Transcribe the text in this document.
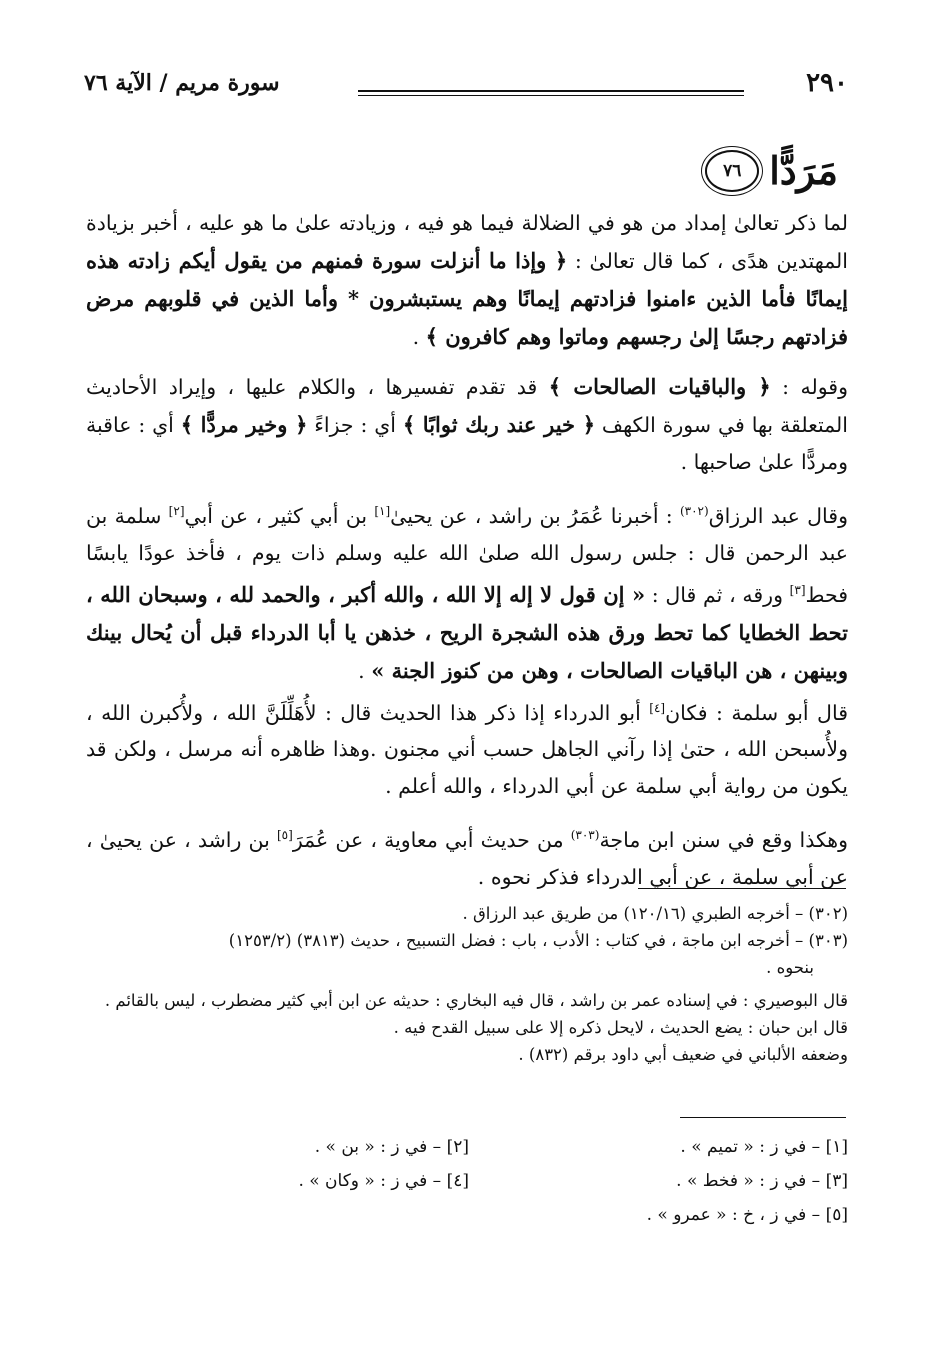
٢٩٠
سورة مريم / الآية ٧٦
مَرَدًّا
٧٦

لما ذكر تعالىٰ إمداد من هو في الضلالة فيما هو فيه ، وزيادته علىٰ ما هو عليه ، أخبر بزيادة المهتدين هدًى ، كما قال تعالىٰ : ﴿ وإذا ما أنزلت سورة فمنهم من يقول أيكم زادته هذه إيمانًا فأما الذين ءامنوا فزادتهم إيمانًا وهم يستبشرون * وأما الذين في قلوبهم مرض فزادتهم رجسًا إلىٰ رجسهم وماتوا وهم كافرون ﴾ .

وقوله : ﴿ والباقيات الصالحات ﴾ قد تقدم تفسيرها ، والكلام عليها ، وإيراد الأحاديث المتعلقة بها في سورة الكهف ﴿ خير عند ربك ثوابًا ﴾ أي : جزاءً ﴿ وخير مردًّا ﴾ أي : عاقبة ومردًّا علىٰ صاحبها .

وقال عبد الرزاق$^{(٣٠٢)}$ : أخبرنا عُمَرُ بن راشد ، عن يحيىٰ[١] بن أبي كثير ، عن أبي[٢] سلمة بن عبد الرحمن قال : جلس رسول الله صلىٰ الله عليه وسلم ذات يوم ، فأخذ عودًا يابسًا فحط[٣] ورقه ، ثم قال : « إن قول لا إله إلا الله ، والله أكبر ، والحمد لله ، وسبحان الله ، تحط الخطايا كما تحط ورق هذه الشجرة الريح ، خذهن يا أبا الدرداء قبل أن يُحال بينك وبينهن ، هن الباقيات الصالحات ، وهن من كنوز الجنة » .
قال أبو سلمة : فكان[٤] أبو الدرداء إذا ذكر هذا الحديث قال : لأُهَلِّلَنَّ الله ، ولأُكبرن الله ، ولأُسبحن الله ، حتىٰ إذا رآني الجاهل حسب أني مجنون .وهذا ظاهره أنه مرسل ، ولكن قد يكون من رواية أبي سلمة عن أبي الدرداء ، والله أعلم .

وهكذا وقع في سنن ابن ماجة$^{(٣٠٣)}$ من حديث أبي معاوية ، عن عُمَرَ[٥] بن راشد ، عن يحيىٰ ، عن أبي سلمة ، عن أبي الدرداء فذكر نحوه .

(٣٠٢) – أخرجه الطبري (١٢٠/١٦) من طريق عبد الرزاق .

(٣٠٣) – أخرجه ابن ماجة ، في كتاب : الأدب ، باب : فضل التسبيح ، حديث (٣٨١٣) (١٢٥٣/٢)

بنحوه .

قال البوصيري : في إسناده عمر بن راشد ، قال فيه البخاري : حديثه عن ابن أبي كثير مضطرب ، ليس بالقائم . قال ابن حبان : يضع الحديث ، لايحل ذكره إلا على سبيل القدح فيه .

وضعفه الألباني في ضعيف أبي داود برقم (٨٣٢) .

[١] – في ز : « تميم » .
[٢] – في ز : « بن » .
[٣] – في ز : « فخط » .
[٤] – في ز : « وكان » .
[٥] – في ز ، خ : « عمرو » .
